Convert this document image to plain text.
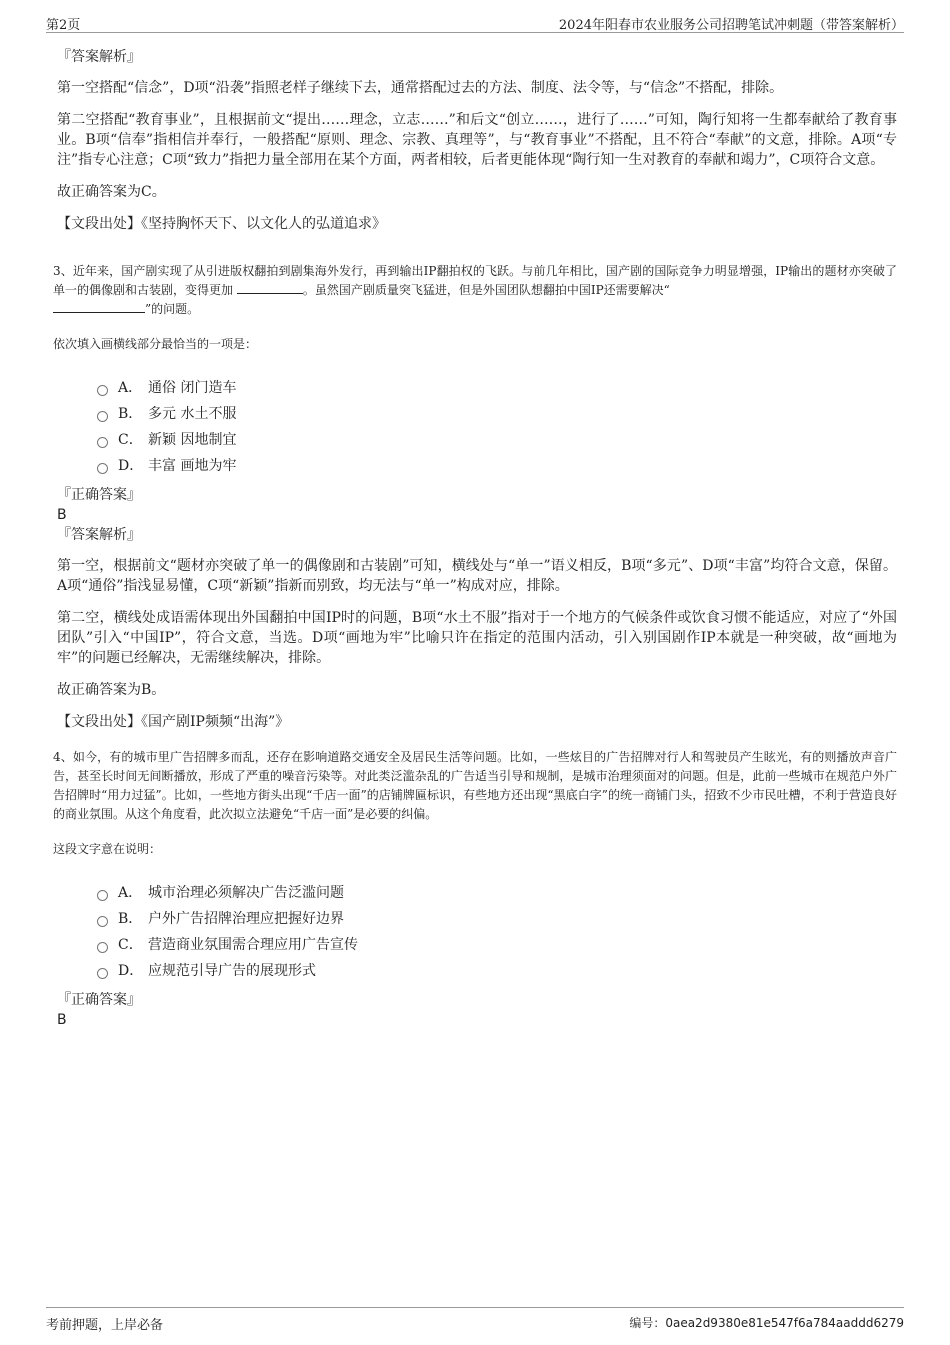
第2页	2024年阳春市农业服务公司招聘笔试冲刺题（带答案解析）

『答案解析』

第一空搭配“信念”，D项“沿袭”指照老样子继续下去，通常搭配过去的方法、制度、法令等，与“信念”不搭配，排除。

第二空搭配“教育事业”，且根据前文“提出……理念，立志……”和后文“创立……，进行了……”可知，陶行知将一生都奉献给了教育事业。B项“信奉”指相信并奉行，一般搭配“原则、理念、宗教、真理等”，与“教育事业”不搭配，且不符合“奉献”的文意，排除。A项“专注”指专心注意；C项“致力”指把力量全部用在某个方面，两者相较，后者更能体现“陶行知一生对教育的奉献和竭力”，C项符合文意。

故正确答案为C。

【文段出处】《坚持胸怀天下、以文化人的弘道追求》

3、近年来，国产剧实现了从引进版权翻拍到剧集海外发行，再到输出IP翻拍权的飞跃。与前几年相比，国产剧的国际竞争力明显增强，IP输出的题材亦突破了单一的偶像剧和古装剧，变得更加	。虽然国产剧质量突飞猛进，但是外国团队想翻拍中国IP还需要解决“
”的问题。

依次填入画横线部分最恰当的一项是：

A． 通俗 闭门造车
B． 多元 水土不服
C． 新颖 因地制宜
D． 丰富 画地为牢

『正确答案』

B

『答案解析』

第一空，根据前文“题材亦突破了单一的偶像剧和古装剧”可知，横线处与“单一”语义相反，B项“多元”、D项“丰富”均符合文意，保留。A项“通俗”指浅显易懂，C项“新颖”指新而别致，均无法与“单一”构成对应，排除。

第二空，横线处成语需体现出外国翻拍中国IP时的问题，B项“水土不服”指对于一个地方的气候条件或饮食习惯不能适应，对应了“外国团队”引入“中国IP”，符合文意，当选。D项“画地为牢”比喻只许在指定的范围内活动，引入别国剧作IP本就是一种突破，故“画地为牢”的问题已经解决，无需继续解决，排除。

故正确答案为B。

【文段出处】《国产剧IP频频“出海”》

4、如今，有的城市里广告招牌多而乱，还存在影响道路交通安全及居民生活等问题。比如，一些炫目的广告招牌对行人和驾驶员产生眩光，有的则播放声音广告，甚至长时间无间断播放，形成了严重的噪音污染等。对此类泛滥杂乱的广告适当引导和规制，是城市治理须面对的问题。但是，此前一些城市在规范户外广告招牌时“用力过猛”。比如，一些地方街头出现“千店一面”的店铺牌匾标识，有些地方还出现“黑底白字”的统一商铺门头，招致不少市民吐槽，不利于营造良好的商业氛围。从这个角度看，此次拟立法避免“千店一面”是必要的纠偏。

这段文字意在说明：

A． 城市治理必须解决广告泛滥问题
B． 户外广告招牌治理应把握好边界
C． 营造商业氛围需合理应用广告宣传
D． 应规范引导广告的展现形式

『正确答案』

B

考前押题，上岸必备	编号：0aea2d9380e81e547f6a784aaddd6279
